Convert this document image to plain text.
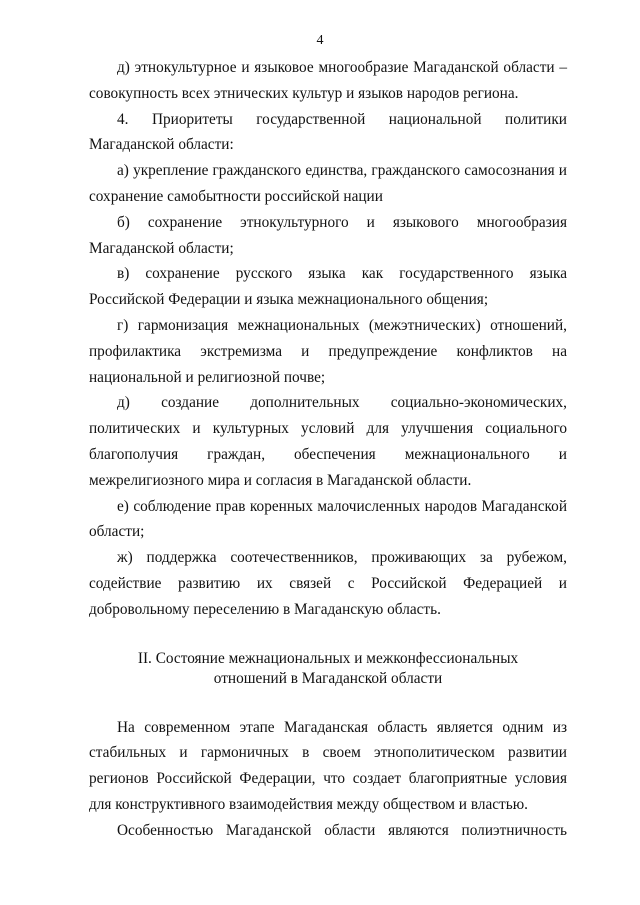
4

д) этнокультурное и языковое многообразие Магаданской области – совокупность всех этнических культур и языков народов региона.

4. Приоритеты государственной национальной политики Магаданской области:

а) укрепление гражданского единства, гражданского самосознания и сохранение самобытности российской нации

б) сохранение этнокультурного и языкового многообразия Магаданской области;

в) сохранение русского языка как государственного языка Российской Федерации и языка межнационального общения;

г) гармонизация межнациональных (межэтнических) отношений, профилактика экстремизма и предупреждение конфликтов на национальной и религиозной почве;

д) создание дополнительных социально-экономических, политических и культурных условий для улучшения социального благополучия граждан, обеспечения межнационального и межрелигиозного мира и согласия в Магаданской области.

е) соблюдение прав коренных малочисленных народов Магаданской области;

ж) поддержка соотечественников, проживающих за рубежом, содействие развитию их связей с Российской Федерацией и добровольному переселению в Магаданскую область.

II. Состояние межнациональных и межконфессиональных
отношений в Магаданской области

На современном этапе Магаданская область является одним из стабильных и гармоничных в своем этнополитическом развитии регионов Российской Федерации, что создает благоприятные условия для конструктивного взаимодействия между обществом и властью.

Особенностью Магаданской области являются полиэтничность
